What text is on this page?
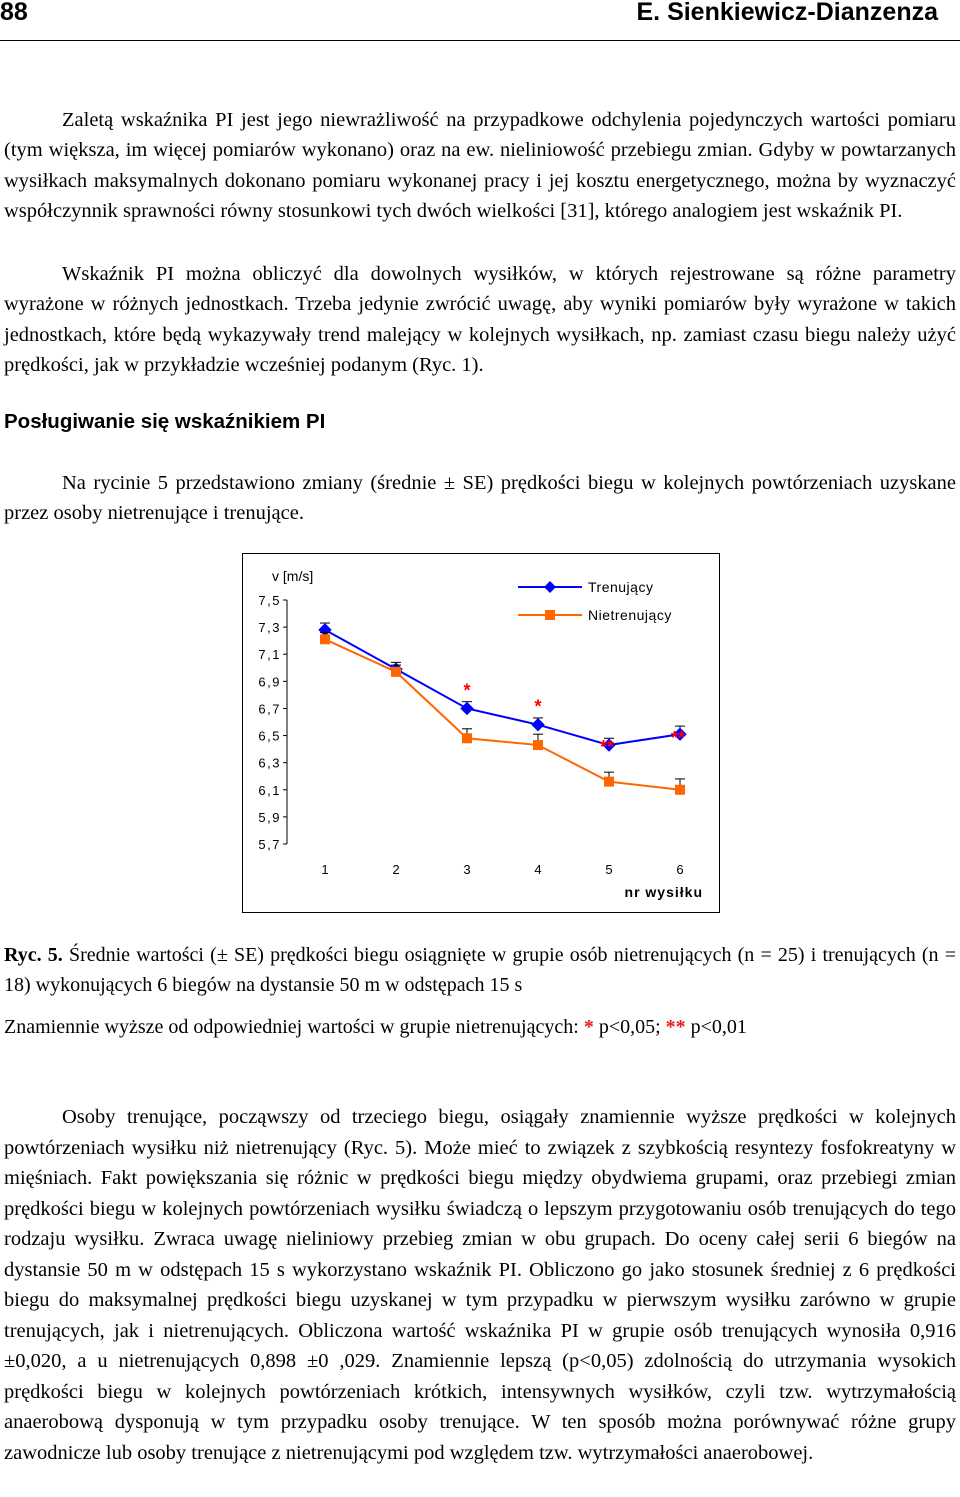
88	E. Sienkiewicz-Dianzenza

Zaletą wskaźnika PI jest jego niewrażliwość na przypadkowe odchylenia pojedynczych wartości pomiaru (tym większa, im więcej pomiarów wykonano) oraz na ew. nieliniowość przebiegu zmian. Gdyby w powtarzanych wysiłkach maksymalnych dokonano pomiaru wykonanej pracy i jej kosztu energetycznego, można by wyznaczyć współczynnik sprawności równy stosunkowi tych dwóch wielkości [31], którego analogiem jest wskaźnik PI.

Wskaźnik PI można obliczyć dla dowolnych wysiłków, w których rejestrowane są różne parametry wyrażone w różnych jednostkach. Trzeba jedynie zwrócić uwagę, aby wyniki pomiarów były wyrażone w takich jednostkach, które będą wykazywały trend malejący w kolejnych wysiłkach, np. zamiast czasu biegu należy użyć prędkości, jak w przykładzie wcześniej podanym (Ryc. 1).

Posługiwanie się wskaźnikiem PI

Na rycinie 5 przedstawiono zmiany (średnie ± SE) prędkości biegu w kolejnych powtórzeniach uzyskane przez osoby nietrenujące i trenujące.

7,5
7,3
7,1
6,9
6,7
6,5
6,3
6,1
5,9
5,7
v [m/s]
1	2	3	4	5	6
nr wysiłku
*
*
**	**
Trenujący
Nietrenujący

Ryc. 5. Średnie wartości (± SE) prędkości biegu osiągnięte w grupie osób nietrenujących (n = 25) i trenujących (n = 18) wykonujących 6 biegów na dystansie 50 m w odstępach 15 s

Znamiennie wyższe od odpowiedniej wartości w grupie nietrenujących: * p<0,05; ** p<0,01

Osoby trenujące, począwszy od trzeciego biegu, osiągały znamiennie wyższe prędkości w kolejnych powtórzeniach wysiłku niż nietrenujący (Ryc. 5). Może mieć to związek z szybkością resyntezy fosfokreatyny w mięśniach. Fakt powiększania się różnic w prędkości biegu między obydwiema grupami, oraz przebiegi zmian prędkości biegu w kolejnych powtórzeniach wysiłku świadczą o lepszym przygotowaniu osób trenujących do tego rodzaju wysiłku. Zwraca uwagę nieliniowy przebieg zmian w obu grupach. Do oceny całej serii 6 biegów na dystansie 50 m w odstępach 15 s wykorzystano wskaźnik PI. Obliczono go jako stosunek średniej z 6 prędkości biegu do maksymalnej prędkości biegu uzyskanej w tym przypadku w pierwszym wysiłku zarówno w grupie trenujących, jak i nietrenujących. Obliczona wartość wskaźnika PI w grupie osób trenujących wynosiła 0,916 ±0,020, a u nietrenujących 0,898 ±0 ,029. Znamiennie lepszą (p<0,05) zdolnością do utrzymania wysokich prędkości biegu w kolejnych powtórzeniach krótkich, intensywnych wysiłków, czyli tzw. wytrzymałością anaerobową dysponują w tym przypadku osoby trenujące. W ten sposób można porównywać różne grupy zawodnicze lub osoby trenujące z nietrenującymi pod względem tzw. wytrzymałości anaerobowej.
